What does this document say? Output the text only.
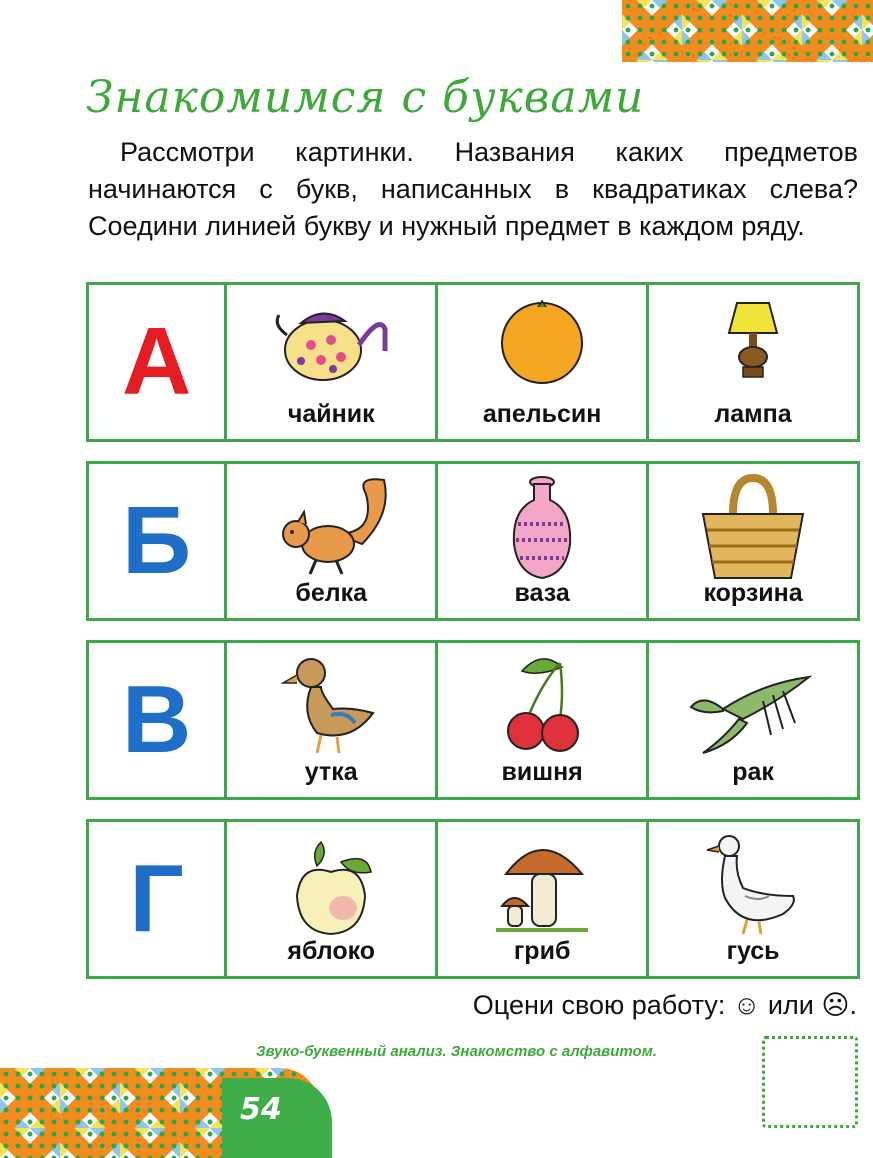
Знакомимся с буквами

Рассмотри картинки. Названия каких предметов начинаются с букв, написанных в квадратиках слева? Соедини линией букву и нужный предмет в каждом ряду.

А	чайник	апельсин	лампа
Б	белка	ваза	корзина
В	утка	вишня	рак
Г	яблоко	гриб	гусь
Оцени свою работу: ☺ или ☹.
54
Звуко-буквенный анализ. Знакомство с алфавитом.
